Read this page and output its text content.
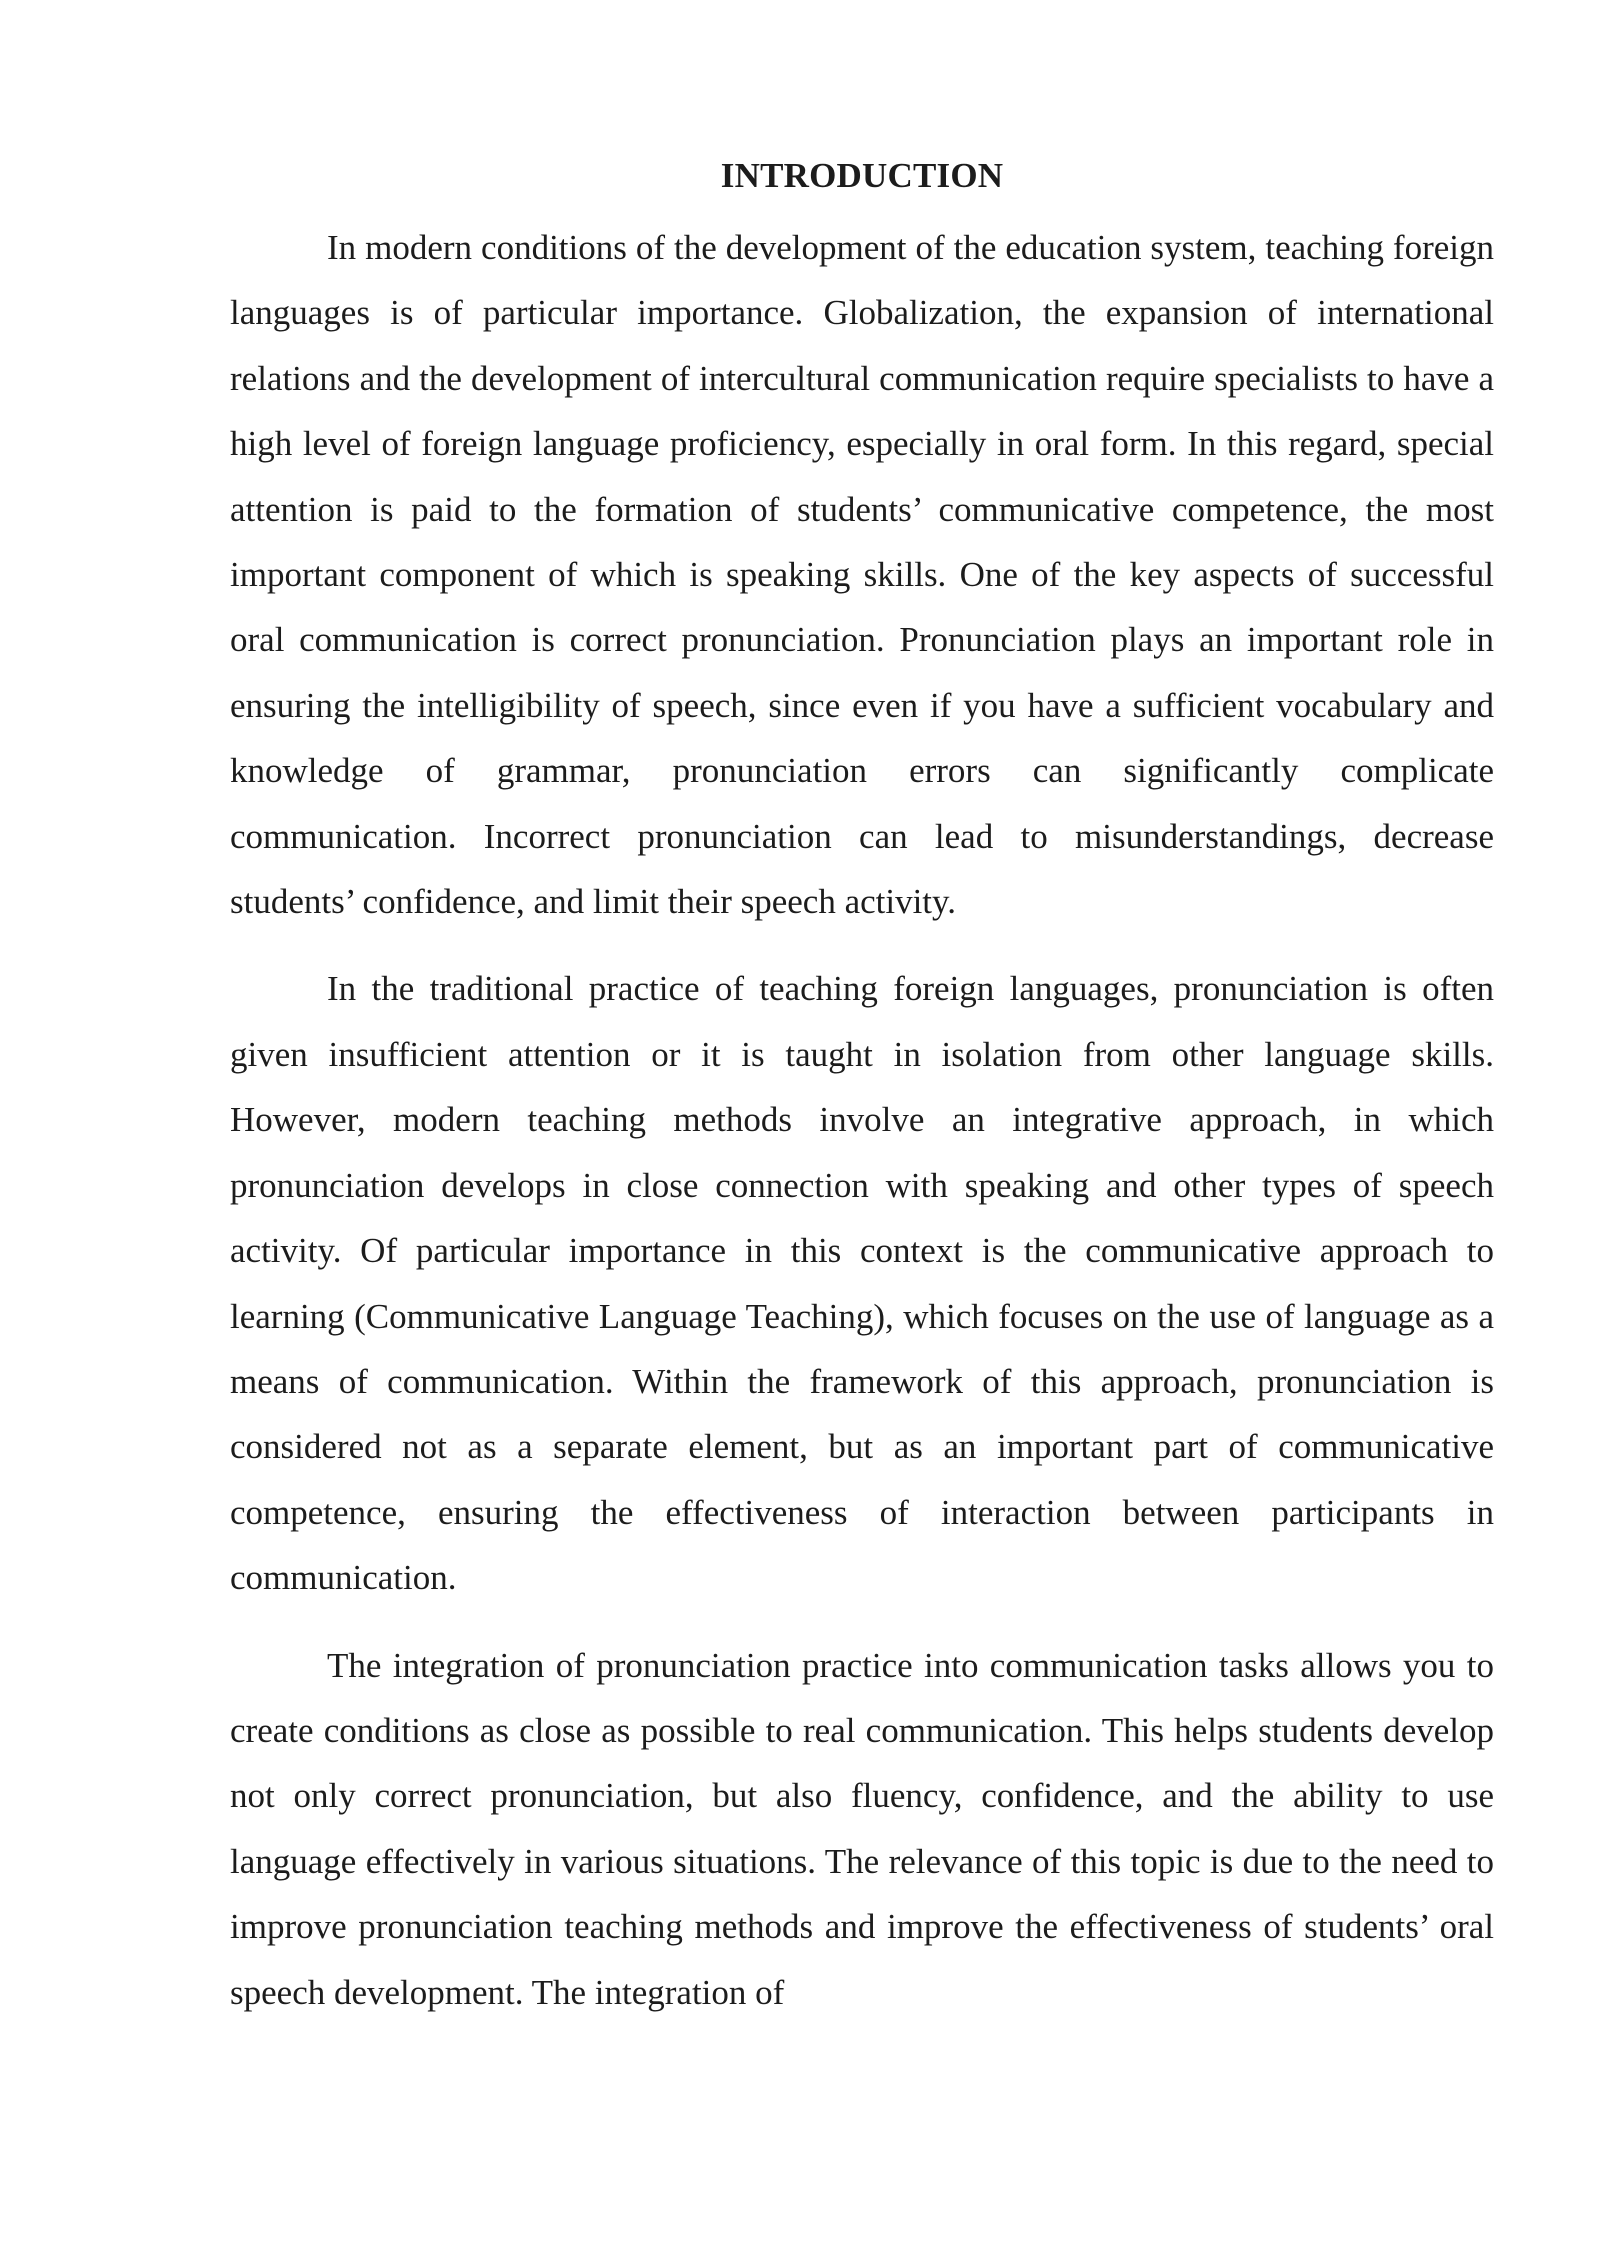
INTRODUCTION

In modern conditions of the development of the education system, teaching foreign languages is of particular importance. Globalization, the expansion of international relations and the development of intercultural communication require specialists to have a high level of foreign language proficiency, especially in oral form. In this regard, special attention is paid to the formation of students’ communicative competence, the most important component of which is speaking skills. One of the key aspects of successful oral communication is correct pronunciation. Pronunciation plays an important role in ensuring the intelligibility of speech, since even if you have a sufficient vocabulary and knowledge of grammar, pronunciation errors can significantly complicate communication. Incorrect pronunciation can lead to misunderstandings, decrease students’ confidence, and limit their speech activity.

In the traditional practice of teaching foreign languages, pronunciation is often given insufficient attention or it is taught in isolation from other language skills. However, modern teaching methods involve an integrative approach, in which pronunciation develops in close connection with speaking and other types of speech activity. Of particular importance in this context is the communicative approach to learning (Communicative Language Teaching), which focuses on the use of language as a means of communication. Within the framework of this approach, pronunciation is considered not as a separate element, but as an important part of communicative competence, ensuring the effectiveness of interaction between participants in communication.

The integration of pronunciation practice into communication tasks allows you to create conditions as close as possible to real communication. This helps students develop not only correct pronunciation, but also fluency, confidence, and the ability to use language effectively in various situations. The relevance of this topic is due to the need to improve pronunciation teaching methods and improve the effectiveness of students’ oral speech development. The integration of
